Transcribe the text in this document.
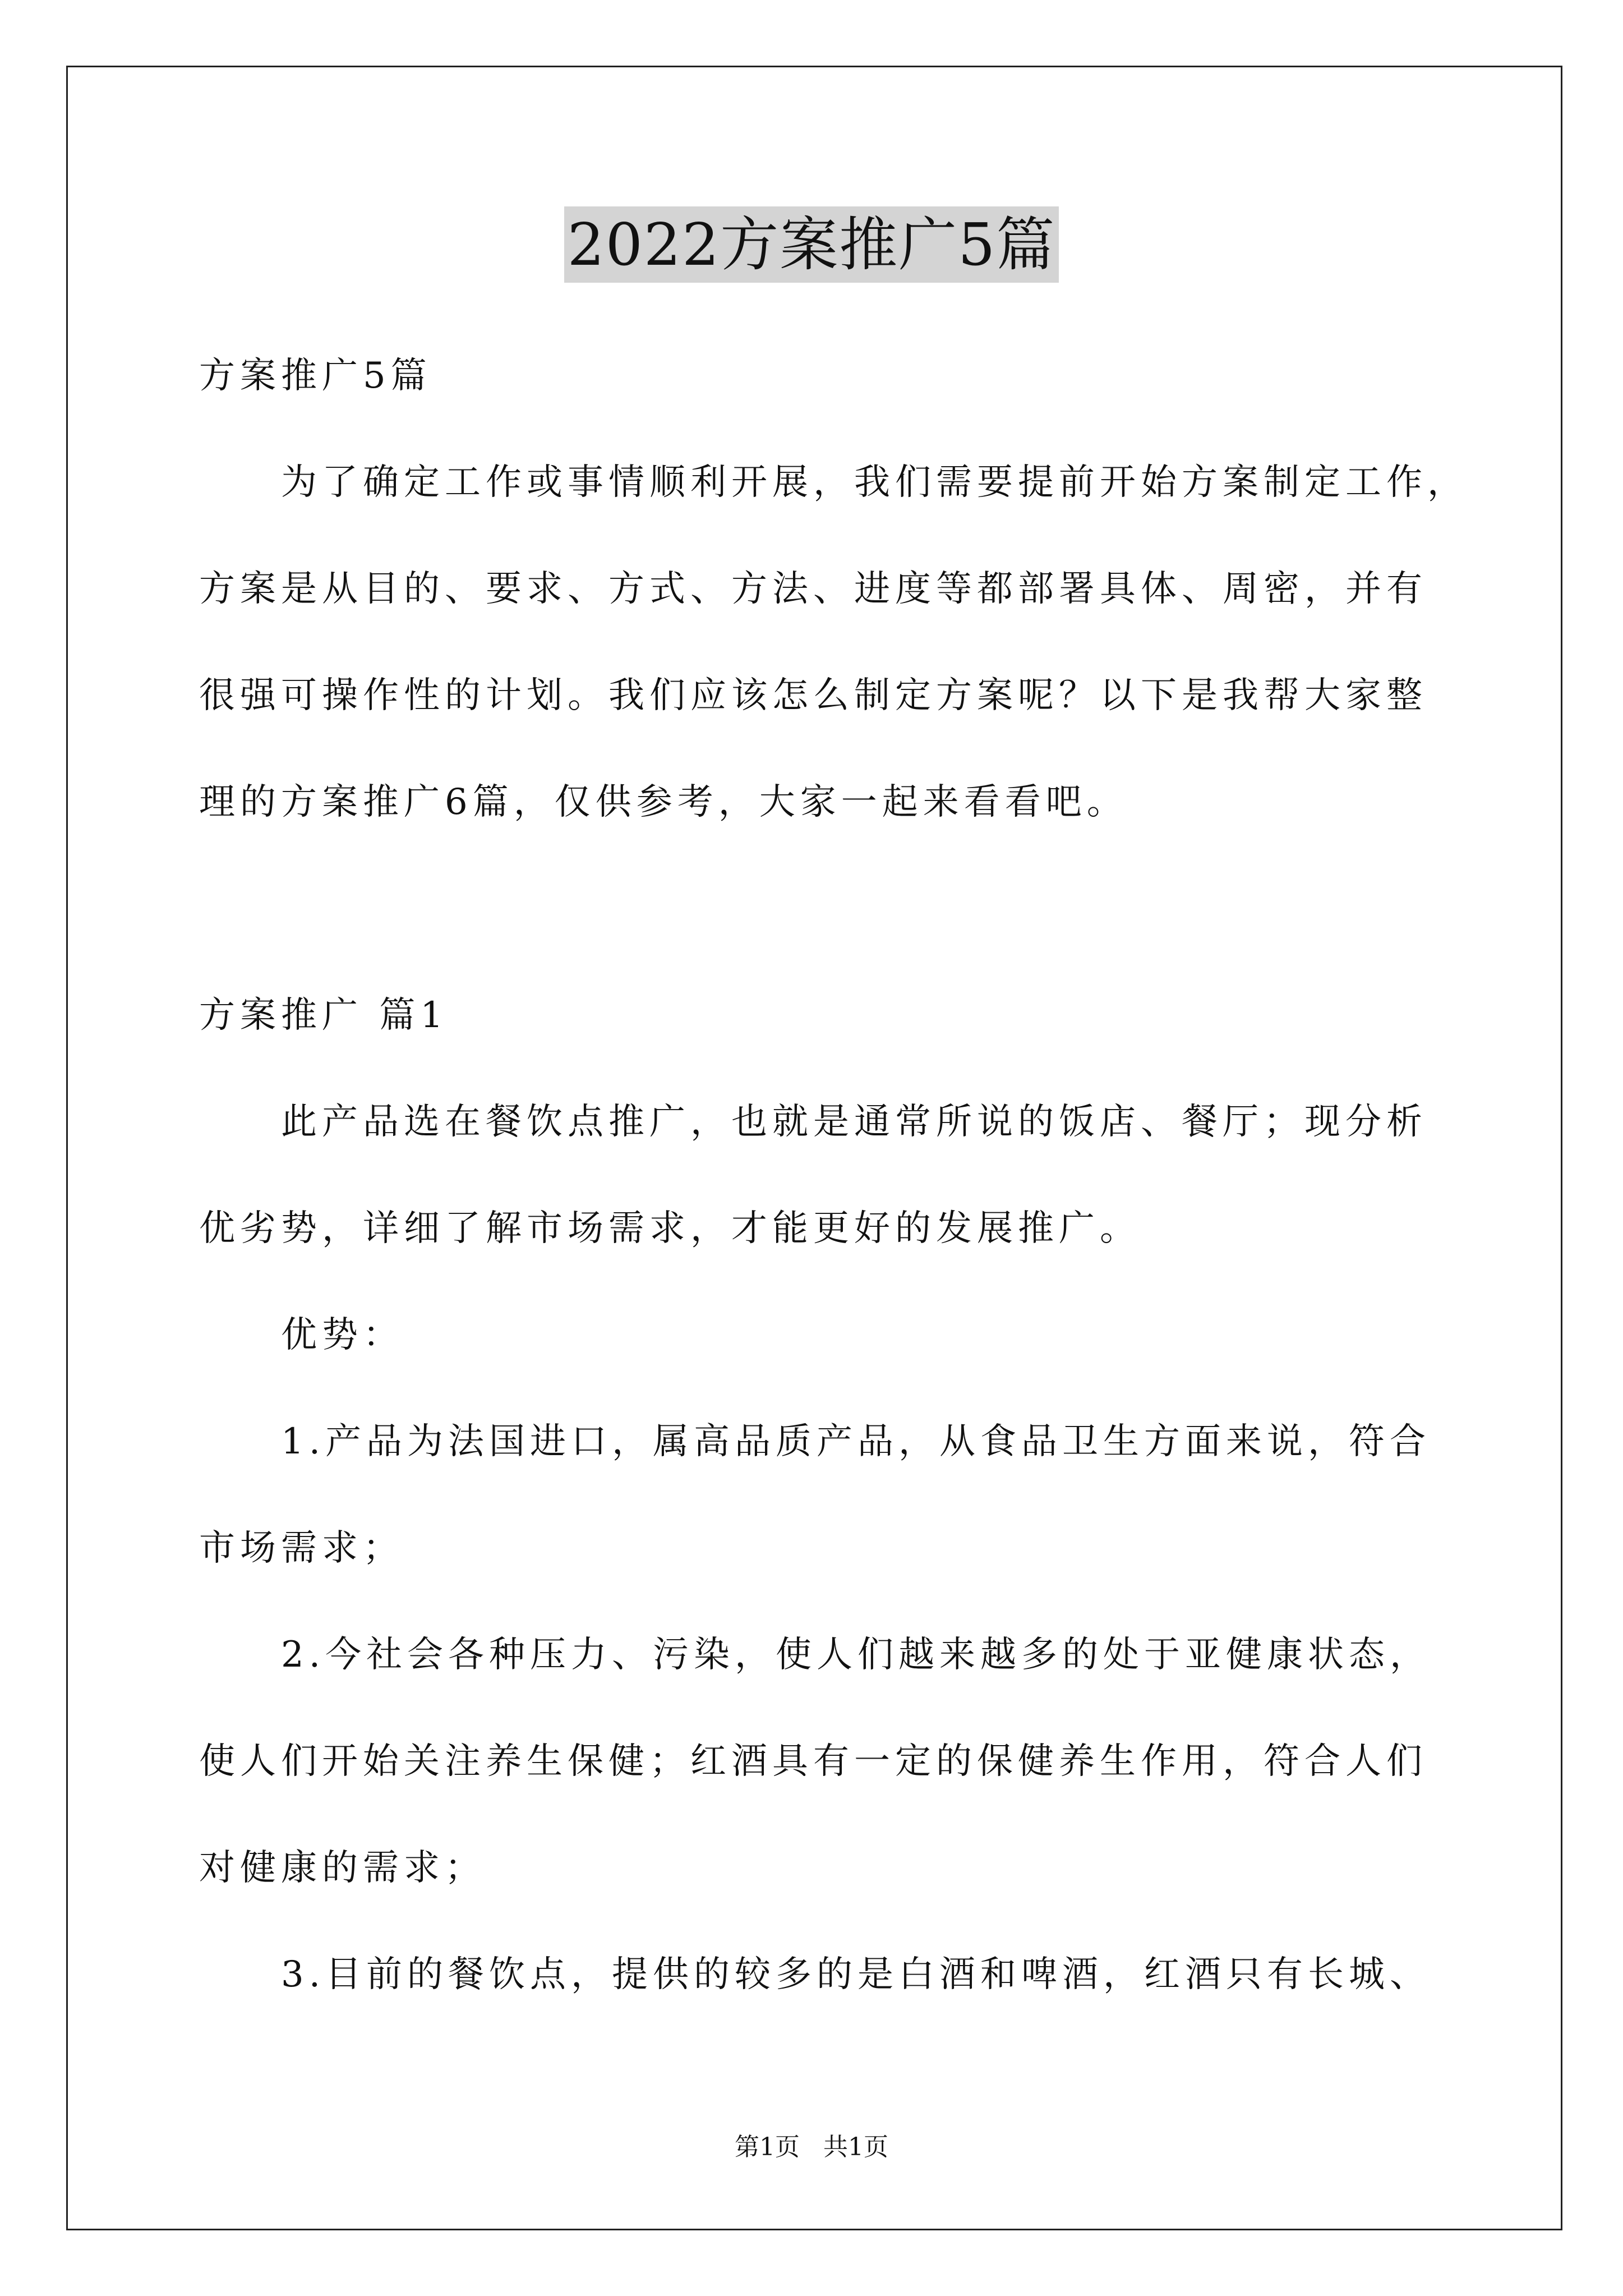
2022方案推广5篇
方案推广5篇
为了确定工作或事情顺利开展，我们需要提前开始方案制定工作，
方案是从目的、要求、方式、方法、进度等都部署具体、周密，并有
很强可操作性的计划。我们应该怎么制定方案呢？以下是我帮大家整
理的方案推广6篇，仅供参考，大家一起来看看吧。
方案推广 篇1
此产品选在餐饮点推广，也就是通常所说的饭店、餐厅；现分析
优劣势，详细了解市场需求，才能更好的发展推广。
优势：
1.产品为法国进口，属高品质产品，从食品卫生方面来说，符合
市场需求；
2.今社会各种压力、污染，使人们越来越多的处于亚健康状态，
使人们开始关注养生保健；红酒具有一定的保健养生作用，符合人们
对健康的需求；
3.目前的餐饮点，提供的较多的是白酒和啤酒，红酒只有长城、
第1页 共1页
